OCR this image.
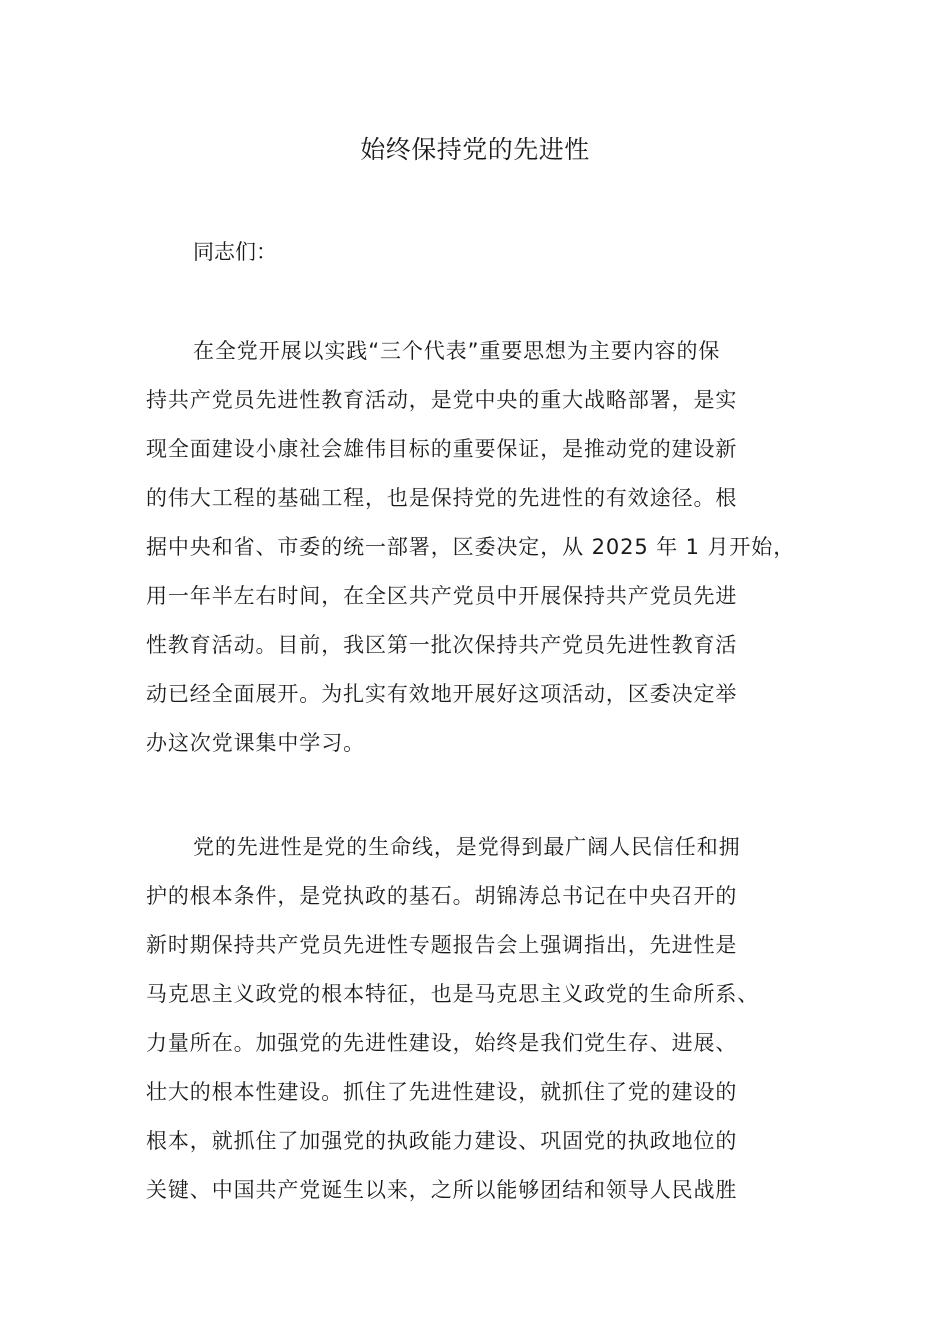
始终保持党的先进性

同志们：

在全党开展以实践“三个代表”重要思想为主要内容的保
持共产党员先进性教育活动，是党中央的重大战略部署，是实
现全面建设小康社会雄伟目标的重要保证，是推动党的建设新
的伟大工程的基础工程，也是保持党的先进性的有效途径。根
据中央和省、市委的统一部署，区委决定，从 2025 年 1 月开始，
用一年半左右时间，在全区共产党员中开展保持共产党员先进
性教育活动。目前，我区第一批次保持共产党员先进性教育活
动已经全面展开。为扎实有效地开展好这项活动，区委决定举
办这次党课集中学习。

党的先进性是党的生命线，是党得到最广阔人民信任和拥
护的根本条件，是党执政的基石。胡锦涛总书记在中央召开的
新时期保持共产党员先进性专题报告会上强调指出，先进性是
马克思主义政党的根本特征，也是马克思主义政党的生命所系、
力量所在。加强党的先进性建设，始终是我们党生存、进展、
壮大的根本性建设。抓住了先进性建设，就抓住了党的建设的
根本，就抓住了加强党的执政能力建设、巩固党的执政地位的
关键、中国共产党诞生以来，之所以能够团结和领导人民战胜
